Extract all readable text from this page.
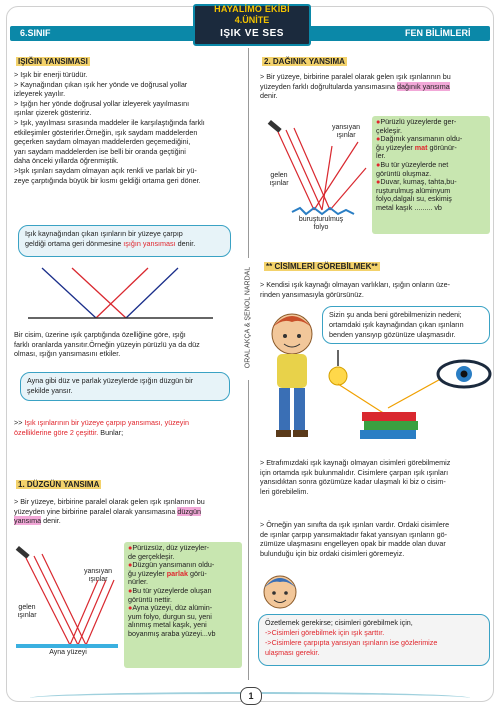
6.SINIF	FEN BİLİMLERİ
HAYALİMO EKİBİ
4.ÜNİTE
IŞIK VE SES
ORAL AKÇA & ŞENOL NARDAL
IŞIĞIN YANSIMASI
> Işık bir enerji türüdür.
> Kaynağından çıkan ışık her yönde ve doğrusal yollar
izleyerek yayılır.
> Işığın her yönde doğrusal yollar izleyerek yayılmasını
ışınlar çizerek gösteririz.
> Işık, yayılması sırasında maddeler ile karşılaştığında farklı
etkileşimler gösterirler.Örneğin, ışık saydam maddelerden
geçerken saydam olmayan maddelerden geçemediğini,
yarı saydam maddelerden ise belli bir oranda geçtiğini
daha önceki yıllarda öğrenmiştik.
>Işık ışınları saydam olmayan açık renkli ve parlak bir yü-
zeye çarptığında büyük bir kısmı geldiği ortama geri döner.
Işık kaynağından çıkan ışınların bir yüzeye çarpıp
geldiği ortama geri dönmesine ışığın yansıması denir.
Bir cisim, üzerine ışık çarptığında özelliğine göre, ışığı
farklı oranlarda yansıtır.Örneğin yüzeyin pürüzlü ya da düz
olması, ışığın yansımasını etkiler.
Ayna gibi düz ve parlak yüzeylerde ışığın düzgün bir
şekilde yansır.
>> Işık ışınlarının bir yüzeye çarpıp yansıması, yüzeyin
özelliklerine göre 2 çeşittir. Bunlar;
1. DÜZGÜN YANSIMA
> Bir yüzeye, birbirine paralel olarak gelen ışık ışınlarının bu
yüzeyden yine birbirine paralel olarak yansımasına düzgün
yansıma denir.
yansıyan ışınlar
gelen ışınlar
Ayna yüzeyi
●Pürüzsüz, düz yüzeyler-
de gerçekleşir.
●Düzgün yansımanın oldu-
ğu yüzeyler parlak görü-
nürler.
●Bu tür yüzeylerde oluşan
görüntü nettir.
●Ayna yüzeyi, düz alümin-
yum folyo, durgun su, yeni
alınmış metal kaşık, yeni
boyanmış araba yüzeyi...vb
2. DAĞINIK YANSIMA
> Bir yüzeye, birbirine paralel olarak gelen ışık ışınlarının bu
yüzeyden farklı doğrultularda yansımasına dağınık yansıma
denir.
yansıyan ışınlar
gelen ışınlar
buruşturulmuş folyo
●Pürüzlü yüzeylerde ger-
çekleşir.
●Dağınık yansımanın oldu-
ğu yüzeyler mat görünür-
ler.
●Bu tür yüzeylerde net
görüntü oluşmaz.
●Duvar, kumaş, tahta,bu-
ruşturulmuş alüminyum
folyo,dalgalı su, eskimiş
metal kaşık ......... vb
** CİSİMLERİ GÖREBİLMEK**
> Kendisi ışık kaynağı olmayan varlıkları, ışığın onların üze-
rinden yansımasıyla görürsünüz.
Sizin şu anda beni görebilmenizin nedeni;
ortamdaki ışık kaynağından çıkan ışınların
benden yansıyıp gözünüze ulaşmasıdır.
> Etrafımızdaki ışık kaynağı olmayan cisimleri görebilmemiz
için ortamda ışık bulunmalıdır. Cisimlere çarpan ışık ışınları
yansıdıktan sonra gözümüze kadar ulaşmalı ki biz o cisim-
leri görebilelim.
> Örneğin yan sınıfta da ışık ışınları vardır. Ordaki cisimlere
de ışınlar çarpıp yansımaktadır fakat yansıyan ışınların gö-
zümüze ulaşmasını engelleyen opak bir madde olan duvar
bulunduğu için biz ordaki cisimleri göremeyiz.
Özetlemek gerekirse; cisimleri görebilmek için,
->Cisimleri görebilmek için ışık şarttır.
->Cisimlere çarpıpta yansıyan ışınların ise gözlerimize
ulaşması gerekir.
1
